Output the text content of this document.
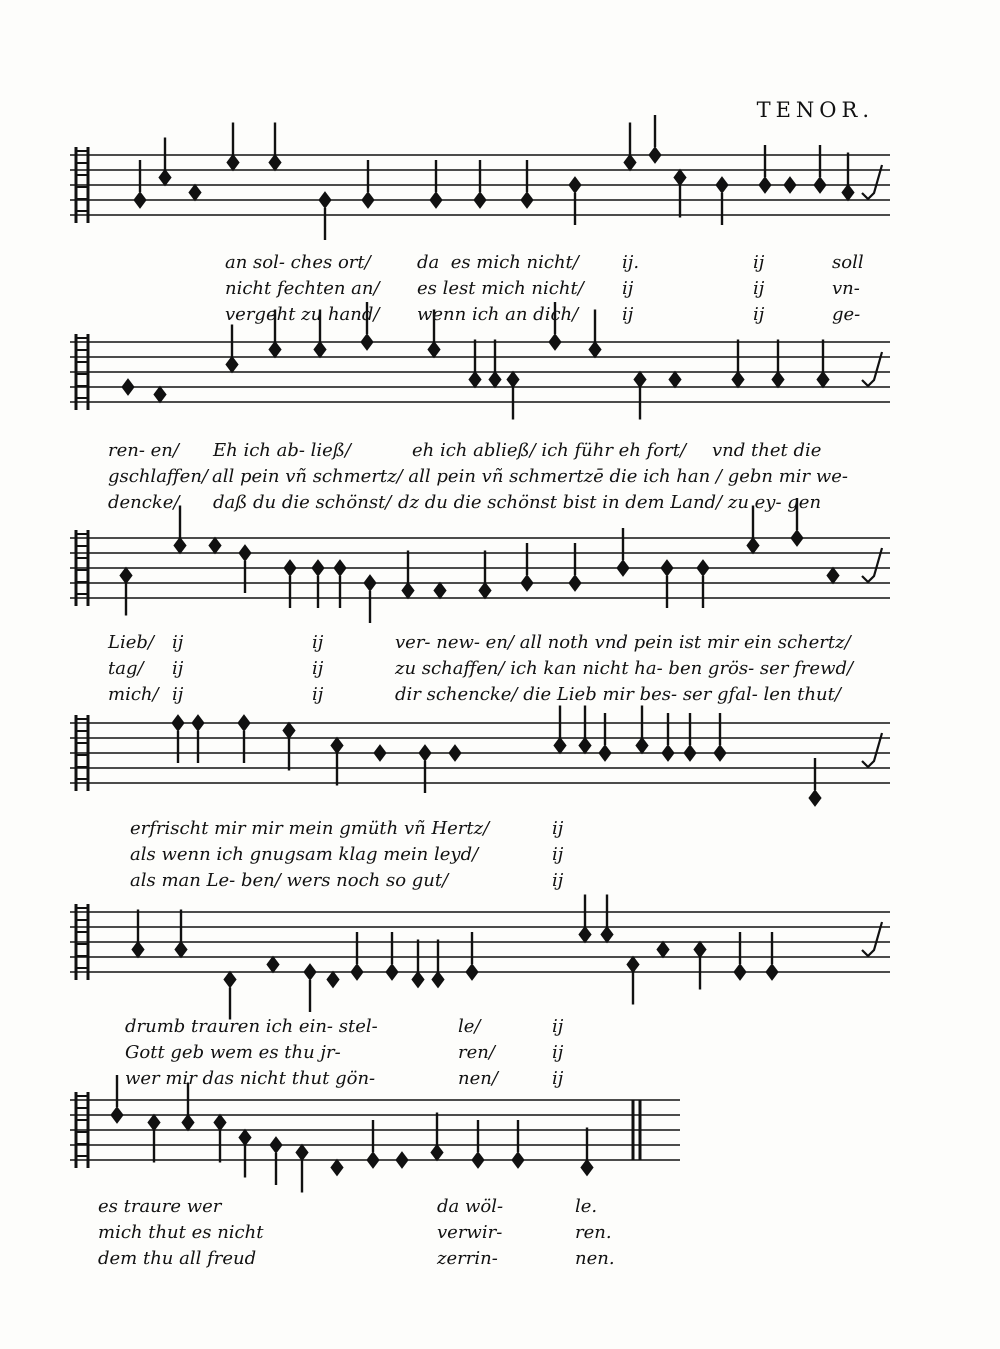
TENOR.
an sol- ches ort/	da  es mich nicht/ ij.	ij	soll
nicht fechten an/ es lest mich nicht/ ij	ij	vn-
vergeht zu hand/ wenn ich an dich/ ij	ij	ge-
ren- en/ Eh ich ab- ließ/	eh ich abließ/ ich führ eh fort/ vnd thet die
gschlaffen/ all pein vñ schmertz/ all pein vñ schmertzē die ich han / gebn mir we-
dencke/ daß du die schönst/ dz du die schönst bist in dem Land/ zu ey- gen
Lieb/ ij	ij	ver- new- en/ all noth vnd pein ist mir ein schertz/
tag/ ij	ij	zu schaffen/ ich kan nicht ha- ben grös- ser frewd/
mich/ ij	ij	dir schencke/ die Lieb mir bes- ser gfal- len thut/
erfrischt mir mir mein gmüth vñ Hertz/	ij
als wenn ich gnugsam klag mein leyd/	ij
als man Le- ben/ wers noch so gut/	ij
drumb trauren ich ein- stel-	le/	ij
Gott geb wem es thu jr-	ren/	ij
wer mir das nicht thut gön-	nen/	ij
es traure wer	da wöl-	le.
mich thut es nicht	verwir-	ren.
dem thu all freud	zerrin-	nen.
